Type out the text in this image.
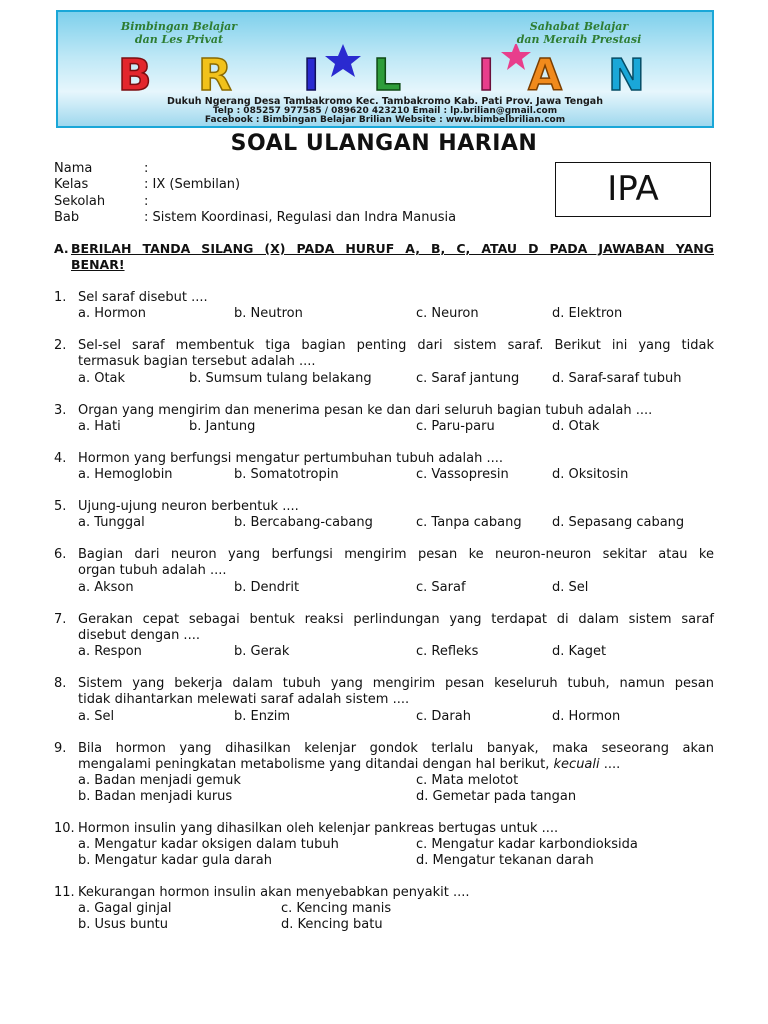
Bimbingan Belajar
dan Les Privat
Sahabat Belajar
dan Meraih Prestasi
B R I L I A N
Dukuh Ngerang Desa Tambakromo Kec. Tambakromo Kab. Pati Prov. Jawa Tengah
Telp : 085257 977585 / 089620 423210 Email : lp.brilian@gmail.com
Facebook : Bimbingan Belajar Brilian Website : www.bimbelbrilian.com
SOAL ULANGAN HARIAN
Nama	:
Kelas	: IX (Sembilan)
Sekolah	:
Bab	: Sistem Koordinasi, Regulasi dan Indra Manusia
IPA
A. BERILAH TANDA SILANG (X) PADA HURUF A, B, C, ATAU D PADA JAWABAN YANG
BENAR!
1. Sel saraf disebut ....
a. Hormon	b. Neutron	c. Neuron	d. Elektron
2. Sel-sel saraf membentuk tiga bagian penting dari sistem saraf. Berikut ini yang tidak
termasuk bagian tersebut adalah ....
a. Otak	b. Sumsum tulang belakang	c. Saraf jantung	d. Saraf-saraf tubuh
3. Organ yang mengirim dan menerima pesan ke dan dari seluruh bagian tubuh adalah ....
a. Hati	b. Jantung	c. Paru-paru	d. Otak
4. Hormon yang berfungsi mengatur pertumbuhan tubuh adalah ....
a. Hemoglobin	b. Somatotropin	c. Vassopresin	d. Oksitosin
5. Ujung-ujung neuron berbentuk ....
a. Tunggal	b. Bercabang-cabang	c. Tanpa cabang d. Sepasang cabang
6. Bagian dari neuron yang berfungsi mengirim pesan ke neuron-neuron sekitar atau ke
organ tubuh adalah ....
a. Akson	b. Dendrit	c. Saraf	d. Sel
7. Gerakan cepat sebagai bentuk reaksi perlindungan yang terdapat di dalam sistem saraf
disebut dengan ....
a. Respon	b. Gerak	c. Refleks	d. Kaget
8. Sistem yang bekerja dalam tubuh yang mengirim pesan keseluruh tubuh, namun pesan
tidak dihantarkan melewati saraf adalah sistem ....
a. Sel	b. Enzim	c. Darah	d. Hormon
9. Bila hormon yang dihasilkan kelenjar gondok terlalu banyak, maka seseorang akan
mengalami peningkatan metabolisme yang ditandai dengan hal berikut, kecuali ....
a. Badan menjadi gemuk	c. Mata melotot
b. Badan menjadi kurus	d. Gemetar pada tangan
10. Hormon insulin yang dihasilkan oleh kelenjar pankreas bertugas untuk ....
a. Mengatur kadar oksigen dalam tubuh	c. Mengatur kadar karbondioksida
b. Mengatur kadar gula darah	d. Mengatur tekanan darah
11. Kekurangan hormon insulin akan menyebabkan penyakit ....
a. Gagal ginjal	c. Kencing manis
b. Usus buntu	d. Kencing batu
